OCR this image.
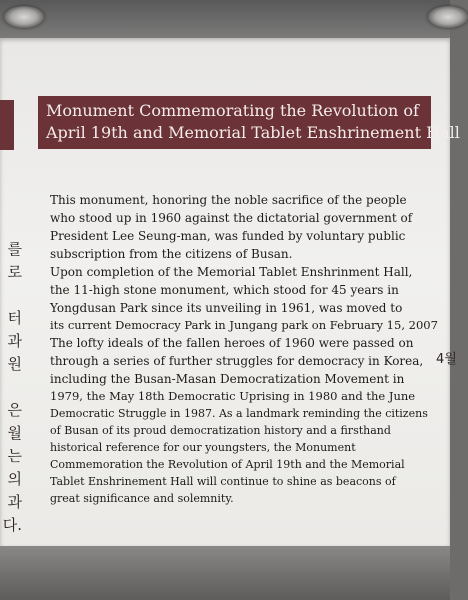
를
로

터
과
원

은
월
는
의
과
다.
4월
Monument Commemorating the Revolution of
April 19th and Memorial Tablet Enshrinement Hall
This monument, honoring the noble sacrifice of the people
who stood up in 1960 against the dictatorial government of
President Lee Seung-man, was funded by voluntary public
subscription from the citizens of Busan.
Upon completion of the Memorial Tablet Enshrinment Hall,
the 11-high stone monument, which stood for 45 years in
Yongdusan Park since its unveiling in 1961, was moved to
its current Democracy Park in Jungang park on February 15, 2007
The lofty ideals of the fallen heroes of 1960 were passed on
through a series of further struggles for democracy in Korea,
including the Busan-Masan Democratization Movement in
1979, the May 18th Democratic Uprising in 1980 and the June
Democratic Struggle in 1987. As a landmark reminding the citizens
of Busan of its proud democratization history and a firsthand
historical reference for our youngsters, the Monument
Commemoration the Revolution of April 19th and the Memorial
Tablet Enshrinement Hall will continue to shine as beacons of
great significance and solemnity.
